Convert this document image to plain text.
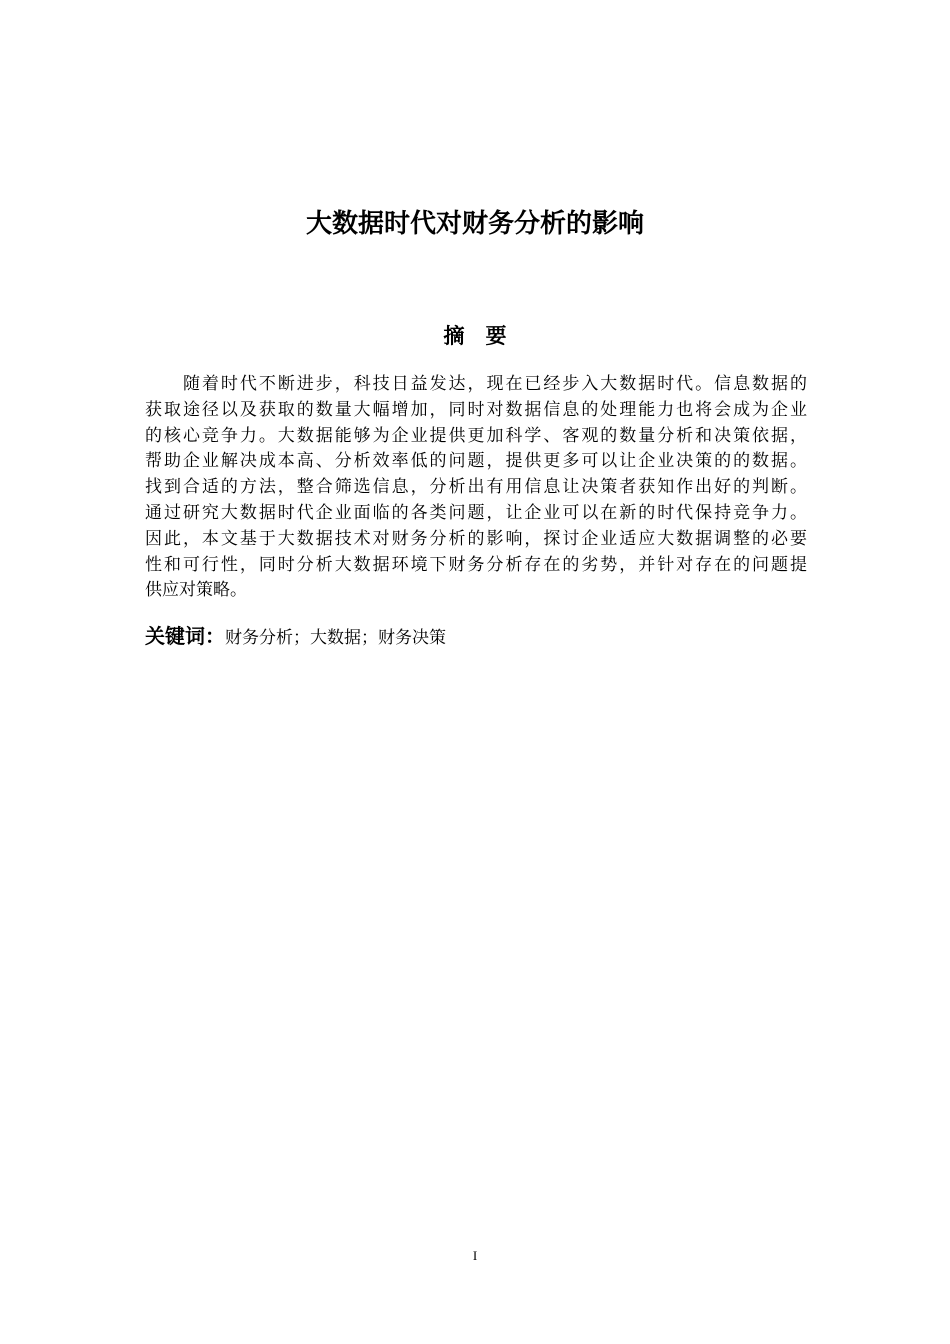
大数据时代对财务分析的影响
摘　要
随着时代不断进步，科技日益发达，现在已经步入大数据时代。信息数据的
获取途径以及获取的数量大幅增加，同时对数据信息的处理能力也将会成为企业
的核心竞争力。大数据能够为企业提供更加科学、客观的数量分析和决策依据，
帮助企业解决成本高、分析效率低的问题，提供更多可以让企业决策的的数据。
找到合适的方法，整合筛选信息，分析出有用信息让决策者获知作出好的判断。
通过研究大数据时代企业面临的各类问题，让企业可以在新的时代保持竞争力。
因此，本文基于大数据技术对财务分析的影响，探讨企业适应大数据调整的必要
性和可行性，同时分析大数据环境下财务分析存在的劣势，并针对存在的问题提
供应对策略。

关键词：财务分析；大数据；财务决策

I
